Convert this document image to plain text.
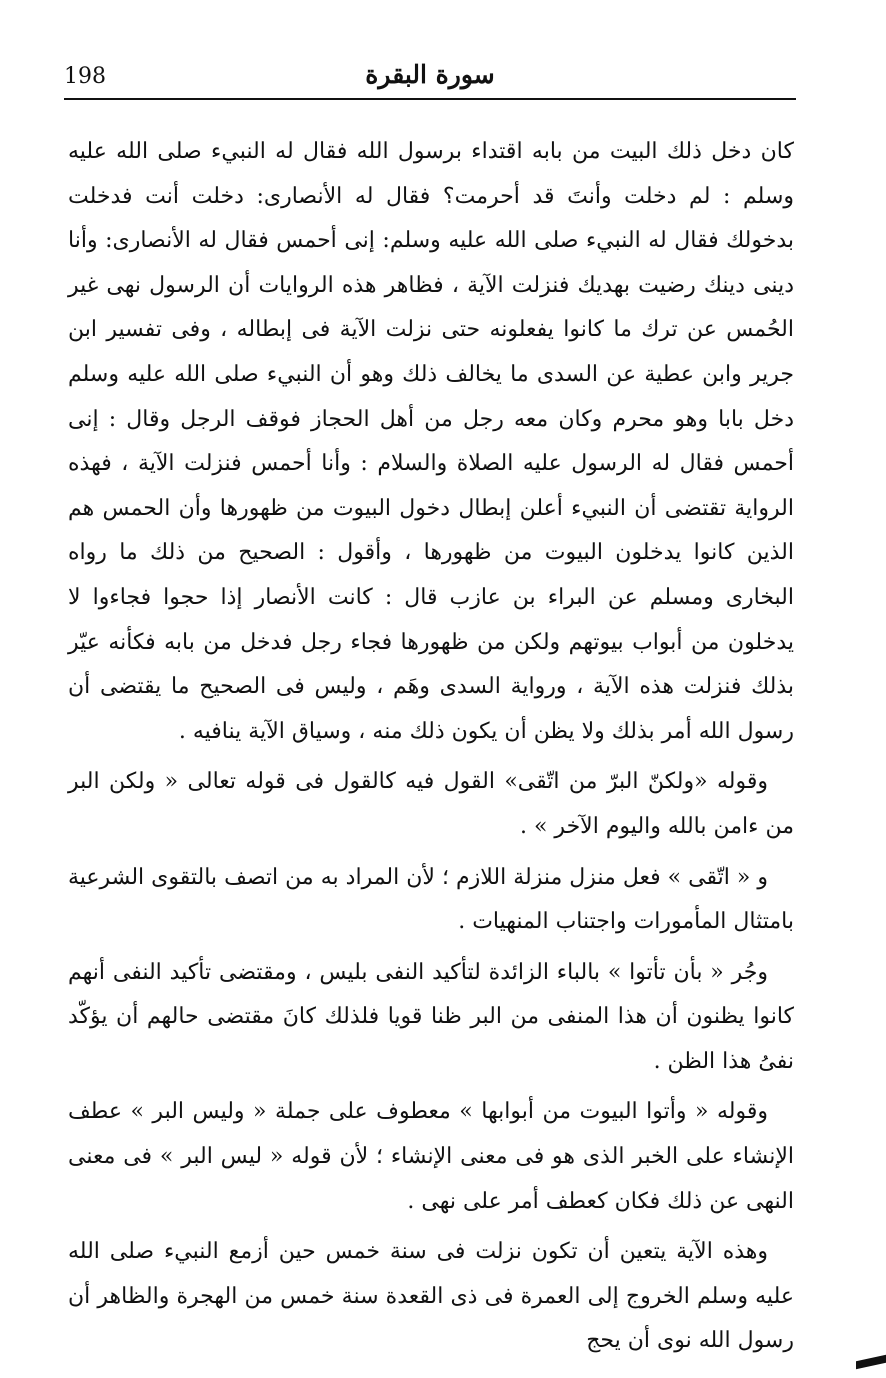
198	سورة البقرة

كان دخل ذلك البيت من بابه اقتداء برسول الله فقال له النبيء صلى الله عليه وسلم : لم دخلت وأنتَ قد أحرمت؟ فقال له الأنصارى: دخلت أنت فدخلت بدخولك فقال له النبيء صلى الله عليه وسلم: إنى أحمس فقال له الأنصارى: وأنا دينى دينك رضيت بهديك فنزلت الآية ، فظاهر هذه الروايات أن الرسول نهى غير الحُمس عن ترك ما كانوا يفعلونه حتى نزلت الآية فى إبطاله ، وفى تفسير ابن جرير وابن عطية عن السدى ما يخالف ذلك وهو أن النبيء صلى الله عليه وسلم دخل بابا وهو محرم وكان معه رجل من أهل الحجاز فوقف الرجل وقال : إنى أحمس فقال له الرسول عليه الصلاة والسلام : وأنا أحمس فنزلت الآية ، فهذه الرواية تقتضى أن النبيء أعلن إبطال دخول البيوت من ظهورها وأن الحمس هم الذين كانوا يدخلون البيوت من ظهورها ، وأقول : الصحيح من ذلك ما رواه البخارى ومسلم عن البراء بن عازب قال : كانت الأنصار إذا حجوا فجاءوا لا يدخلون من أبواب بيوتهم ولكن من ظهورها فجاء رجل فدخل من بابه فكأنه عيّر بذلك فنزلت هذه الآية ، ورواية السدى وهَم ، وليس فى الصحيح ما يقتضى أن رسول الله أمر بذلك ولا يظن أن يكون ذلك منه ، وسياق الآية ينافيه .

وقوله «ولكنّ البرّ من اتّقى» القول فيه كالقول فى قوله تعالى « ولكن البر من ءامن بالله واليوم الآخر » .

و « اتّقى » فعل منزل منزلة اللازم ؛ لأن المراد به من اتصف بالتقوى الشرعية بامتثال المأمورات واجتناب المنهيات .

وجُر « بأن تأتوا » بالباء الزائدة لتأكيد النفى بليس ، ومقتضى تأكيد النفى أنهم كانوا يظنون أن هذا المنفى من البر ظنا قويا فلذلك كانَ مقتضى حالهم أن يؤكّد نفىُ هذا الظن .

وقوله « وأتوا البيوت من أبوابها » معطوف على جملة « وليس البر » عطف الإنشاء على الخبر الذى هو فى معنى الإنشاء ؛ لأن قوله « ليس البر » فى معنى النهى عن ذلك فكان كعطف أمر على نهى .

وهذه الآية يتعين أن تكون نزلت فى سنة خمس حين أزمع النبيء صلى الله عليه وسلم الخروج إلى العمرة فى ذى القعدة سنة خمس من الهجرة والظاهر أن رسول الله نوى أن يحج
